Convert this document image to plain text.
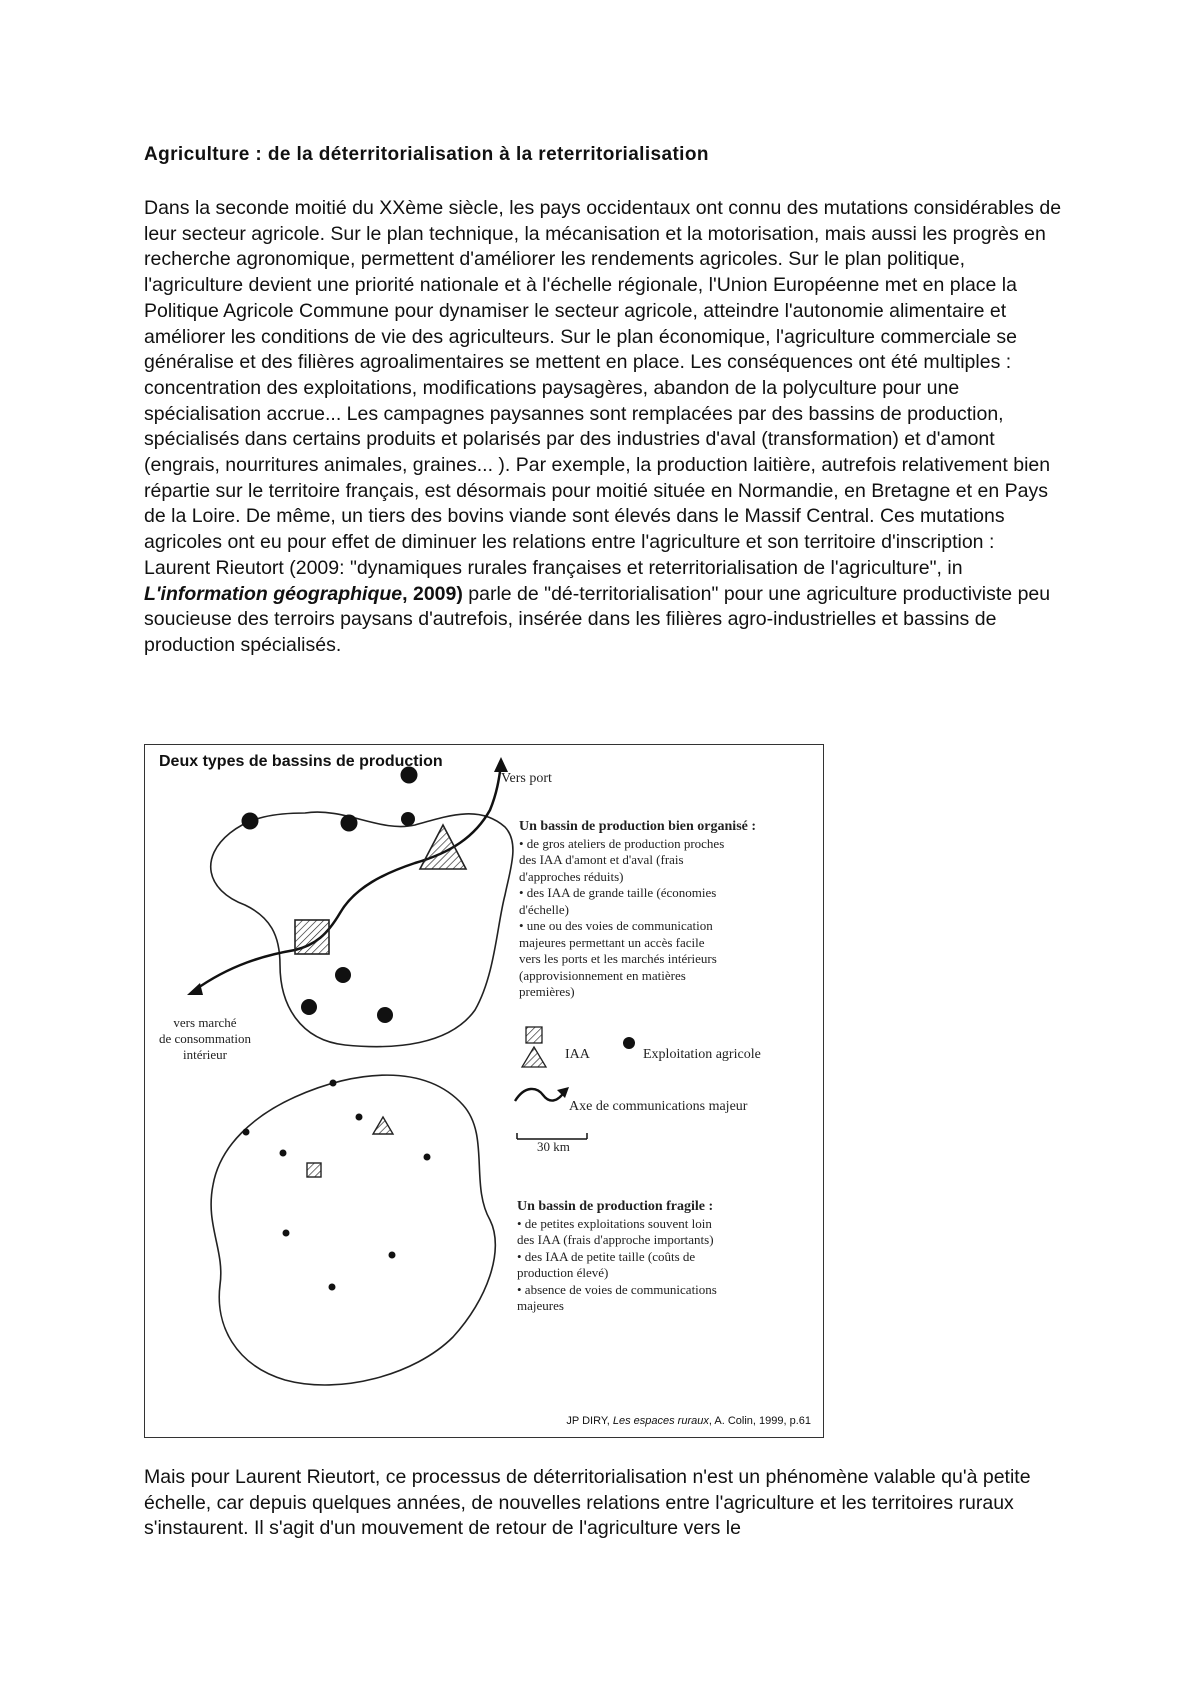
Agriculture : de la déterritorialisation à la reterritorialisation

Dans la seconde moitié du XXème siècle, les pays occidentaux ont connu des mutations considérables de leur secteur agricole. Sur le plan technique, la mécanisation et la motorisation, mais aussi les progrès en recherche agronomique, permettent d'améliorer les rendements agricoles. Sur le plan politique, l'agriculture devient une priorité nationale et à l'échelle régionale, l'Union Européenne met en place la Politique Agricole Commune pour dynamiser le secteur agricole, atteindre l'autonomie alimentaire et améliorer les conditions de vie des agriculteurs. Sur le plan économique, l'agriculture commerciale se généralise et des filières agroalimentaires se mettent en place. Les conséquences ont été multiples : concentration des exploitations, modifications paysagères, abandon de la polyculture pour une spécialisation accrue... Les campagnes paysannes sont remplacées par des bassins de production, spécialisés dans certains produits et polarisés par des industries d'aval (transformation) et d'amont (engrais, nourritures animales, graines... ). Par exemple, la production laitière, autrefois relativement bien répartie sur le territoire français, est désormais pour moitié située en Normandie, en Bretagne et en Pays de la Loire. De même, un tiers des bovins viande sont élevés dans le Massif Central. Ces mutations agricoles ont eu pour effet de diminuer les relations entre l'agriculture et son territoire d'inscription : Laurent Rieutort (2009: "dynamiques rurales françaises et reterritorialisation de l'agriculture", in L'information géographique, 2009) parle de "dé-territorialisation" pour une agriculture productiviste peu soucieuse des terroirs paysans d'autrefois, insérée dans les filières agro-industrielles et bassins de production spécialisés.

Deux types de bassins de production
Vers port
vers marché
de consommation
intérieur
Un bassin de production bien organisé :
• de gros ateliers de production proches
des IAA d'amont et d'aval (frais
d'approches réduits)
• des IAA de grande taille (économies
d'échelle)
• une ou des voies de communication
majeures permettant un accès facile
vers les ports et les marchés intérieurs
(approvisionnement en matières
premières)
IAA	Exploitation agricole
Axe de communications majeur
30 km
Un bassin de production fragile :
• de petites exploitations souvent loin
des IAA (frais d'approche importants)
• des IAA de petite taille (coûts de
production élevé)
• absence de voies de communications
majeures
JP DIRY, Les espaces ruraux, A. Colin, 1999, p.61

Mais pour Laurent Rieutort, ce processus de déterritorialisation n'est un phénomène valable qu'à petite échelle, car depuis quelques années, de nouvelles relations entre l'agriculture et les territoires ruraux s'instaurent. Il s'agit d'un mouvement de retour de l'agriculture vers le
